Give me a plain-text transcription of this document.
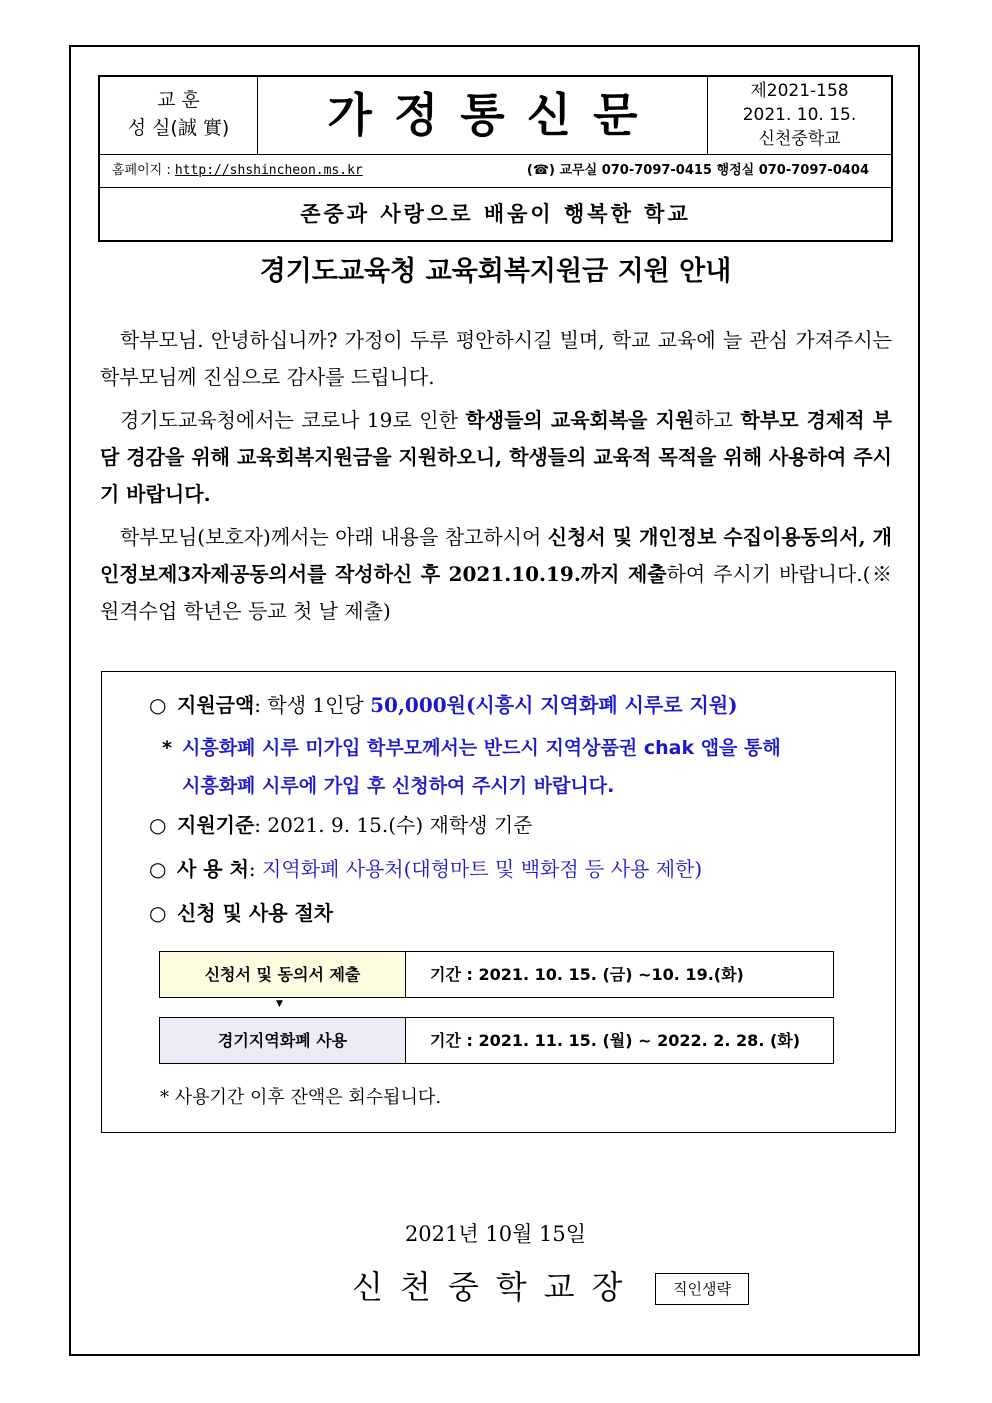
교 훈
성 실(誠 實)	가정통신문	제2021-158
2021. 10. 15.
신천중학교
홈페이지 : http://shshincheon.ms.kr	(☎) 교무실 070-7097-0415 행정실 070-7097-0404
존중과 사랑으로 배움이 행복한 학교
경기도교육청 교육회복지원금 지원 안내

학부모님. 안녕하십니까? 가정이 두루 평안하시길 빌며, 학교 교육에 늘 관심 가져주시는 학부모님께 진심으로 감사를 드립니다.

경기도교육청에서는 코로나 19로 인한 학생들의 교육회복을 지원하고 학부모 경제적 부담 경감을 위해 교육회복지원금을 지원하오니, 학생들의 교육적 목적을 위해 사용하여 주시기 바랍니다.

학부모님(보호자)께서는 아래 내용을 참고하시어 신청서 및 개인정보 수집이용동의서, 개인정보제3자제공동의서를 작성하신 후 2021.10.19.까지 제출하여 주시기 바랍니다.(※원격수업 학년은 등교 첫 날 제출)

○ 지원금액: 학생 1인당 50,000원(시흥시 지역화폐 시루로 지원)
* 시흥화폐 시루 미가입 학부모께서는 반드시 지역상품권 chak 앱을 통해
시흥화폐 시루에 가입 후 신청하여 주시기 바랍니다.
○ 지원기준: 2021. 9. 15.(수) 재학생 기준
○ 사 용 처: 지역화폐 사용처(대형마트 및 백화점 등 사용 제한)
○ 신청 및 사용 절차
신청서 및 동의서 제출	기간 : 2021. 10. 15. (금) ~10. 19.(화)
▼
경기지역화폐 사용	기간 : 2021. 11. 15. (월) ~ 2022. 2. 28. (화)
* 사용기간 이후 잔액은 회수됩니다.
2021년 10월 15일
신천중학교장	직인생략
